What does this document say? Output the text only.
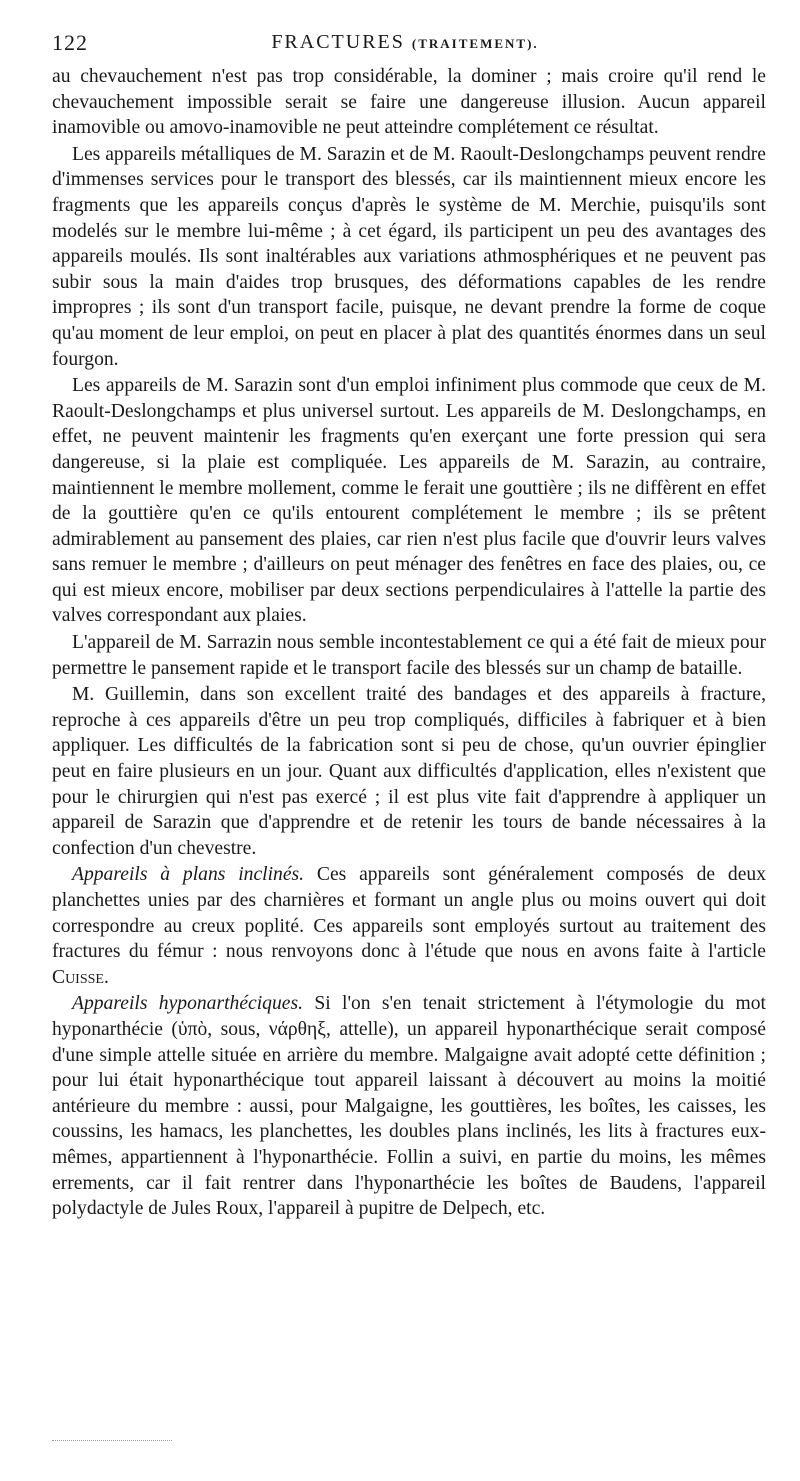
122	FRACTURES (TRAITEMENT).

au chevauchement n'est pas trop considérable, la dominer ; mais croire qu'il rend le chevauchement impossible serait se faire une dangereuse illusion. Aucun appareil inamovible ou amovo-inamovible ne peut atteindre complétement ce résultat.

Les appareils métalliques de M. Sarazin et de M. Raoult-Deslongchamps peuvent rendre d'immenses services pour le transport des blessés, car ils maintiennent mieux encore les fragments que les appareils conçus d'après le système de M. Merchie, puisqu'ils sont modelés sur le membre lui-même ; à cet égard, ils participent un peu des avantages des appareils moulés. Ils sont inaltérables aux variations athmosphériques et ne peuvent pas subir sous la main d'aides trop brusques, des déformations capables de les rendre impropres ; ils sont d'un transport facile, puisque, ne devant prendre la forme de coque qu'au moment de leur emploi, on peut en placer à plat des quantités énormes dans un seul fourgon.

Les appareils de M. Sarazin sont d'un emploi infiniment plus commode que ceux de M. Raoult-Deslongchamps et plus universel surtout. Les appareils de M. Deslongchamps, en effet, ne peuvent maintenir les fragments qu'en exerçant une forte pression qui sera dangereuse, si la plaie est compliquée. Les appareils de M. Sarazin, au contraire, maintiennent le membre mollement, comme le ferait une gouttière ; ils ne diffèrent en effet de la gouttière qu'en ce qu'ils entourent complétement le membre ; ils se prêtent admirablement au pansement des plaies, car rien n'est plus facile que d'ouvrir leurs valves sans remuer le membre ; d'ailleurs on peut ménager des fenêtres en face des plaies, ou, ce qui est mieux encore, mobiliser par deux sections perpendiculaires à l'attelle la partie des valves correspondant aux plaies.

L'appareil de M. Sarrazin nous semble incontestablement ce qui a été fait de mieux pour permettre le pansement rapide et le transport facile des blessés sur un champ de bataille.

M. Guillemin, dans son excellent traité des bandages et des appareils à fracture, reproche à ces appareils d'être un peu trop compliqués, difficiles à fabriquer et à bien appliquer. Les difficultés de la fabrication sont si peu de chose, qu'un ouvrier épinglier peut en faire plusieurs en un jour. Quant aux difficultés d'application, elles n'existent que pour le chirurgien qui n'est pas exercé ; il est plus vite fait d'apprendre à appliquer un appareil de Sarazin que d'apprendre et de retenir les tours de bande nécessaires à la confection d'un chevestre.

Appareils à plans inclinés. Ces appareils sont généralement composés de deux planchettes unies par des charnières et formant un angle plus ou moins ouvert qui doit correspondre au creux poplité. Ces appareils sont employés surtout au traitement des fractures du fémur : nous renvoyons donc à l'étude que nous en avons faite à l'article Cuisse.

Appareils hyponarthéciques. Si l'on s'en tenait strictement à l'étymologie du mot hyponarthécie (ὑπὸ, sous, νάρθηξ, attelle), un appareil hyponarthécique serait composé d'une simple attelle située en arrière du membre. Malgaigne avait adopté cette définition ; pour lui était hyponarthécique tout appareil laissant à découvert au moins la moitié antérieure du membre : aussi, pour Malgaigne, les gouttières, les boîtes, les caisses, les coussins, les hamacs, les planchettes, les doubles plans inclinés, les lits à fractures eux-mêmes, appartiennent à l'hyponarthécie. Follin a suivi, en partie du moins, les mêmes errements, car il fait rentrer dans l'hyponarthécie les boîtes de Baudens, l'appareil polydactyle de Jules Roux, l'appareil à pupitre de Delpech, etc.
